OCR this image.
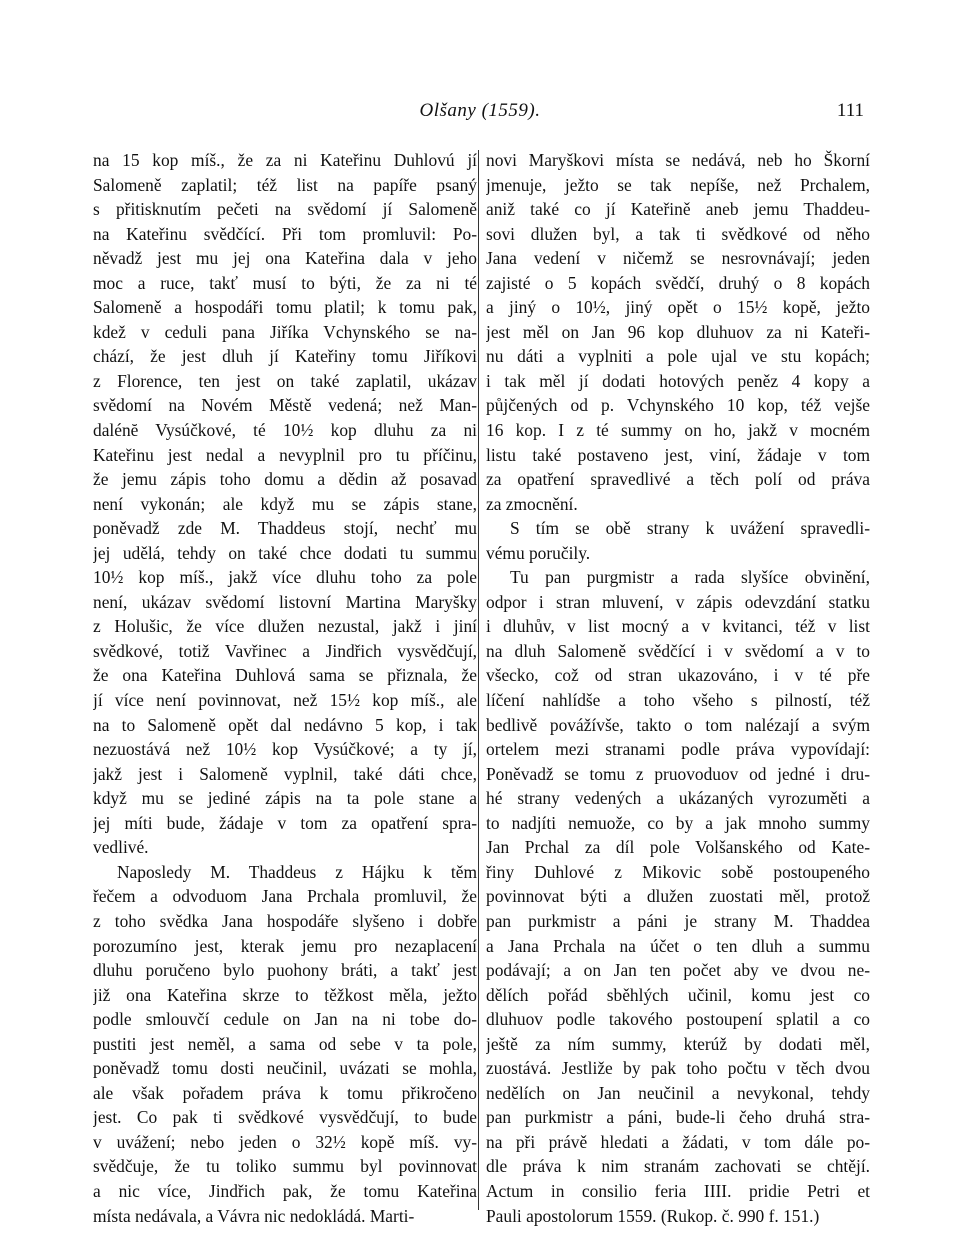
Olšany (1559).	111
na 15 kop míš., že za ni Kateřinu Duhlovú jí
Salomeně zaplatil; též list na papíře psaný
s přitisknutím pečeti na svědomí jí Salomeně
na Kateřinu svědčící. Při tom promluvil: Po-
něvadž jest mu jej ona Kateřina dala v jeho
moc a ruce, takť musí to býti, že za ni té
Salomeně a hospodáři tomu platil; k tomu pak,
kdež v ceduli pana Jiříka Vchynského se na-
chází, že jest dluh jí Kateřiny tomu Jiříkovi
z Florence, ten jest on také zaplatil, ukázav
svědomí na Novém Městě vedená; než Man-
dalénĕ Vysúčkové, té 10½ kop dluhu za ni
Kateřinu jest nedal a nevyplnil pro tu příčinu,
že jemu zápis toho domu a dědin až posavad
není vykonán; ale když mu se zápis stane,
poněvadž zde M. Thaddeus stojí, nechť mu
jej udělá, tehdy on také chce dodati tu summu
10½ kop míš., jakž více dluhu toho za pole
není, ukázav svědomí listovní Martina Maryšky
z Holušic, že více dlužen nezustal, jakž i jiní
svědkové, totiž Vavřinec a Jindřich vysvědčují,
že ona Kateřina Duhlová sama se přiznala, že
jí více není povinnovat, než 15½ kop míš., ale
na to Salomeně opět dal nedávno 5 kop, i tak
nezuostává než 10½ kop Vysúčkové; a ty jí,
jakž jest i Salomeně vyplnil, také dáti chce,
když mu se jediné zápis na ta pole stane a
jej míti bude, žádaje v tom za opatření spra-
vedlivé.
Naposledy M. Thaddeus z Hájku k těm
řečem a odvoduom Jana Prchala promluvil, že
z toho svědka Jana hospodáře slyšeno i dobře
porozumíno jest, kterak jemu pro nezaplacení
dluhu poručeno bylo puohony bráti, a takť jest
již ona Kateřina skrze to těžkost měla, ježto
podle smlouvčí cedule on Jan na ni tobe do-
pustiti jest neměl, a sama od sebe v ta pole,
poněvadž tomu dosti neučinil, uvázati se mohla,
ale však pořadem práva k tomu přikročeno
jest. Co pak ti svědkové vysvědčují, to bude
v uvážení; nebo jeden o 32½ kopě míš. vy-
svědčuje, že tu toliko summu byl povinnovat
a nic více, Jindřich pak, že tomu Kateřina
místa nedávala, a Vávra nic nedokládá. Marti-
novi Maryškovi místa se nedává, neb ho Škorní
jmenuje, ježto se tak nepíše, než Prchalem,
aniž také co jí Kateřině aneb jemu Thaddeu-
sovi dlužen byl, a tak ti svědkové od něho
Jana vedení v ničemž se nesrovnávají; jeden
zajisté o 5 kopách svědčí, druhý o 8 kopách
a jiný o 10½, jiný opět o 15½ kopě, ježto
jest měl on Jan 96 kop dluhuov za ni Kateři-
nu dáti a vyplniti a pole ujal ve stu kopách;
i tak měl jí dodati hotových peněz 4 kopy a
půjčených od p. Vchynského 10 kop, též vejše
16 kop. I z té summy on ho, jakž v mocném
listu také postaveno jest, viní, žádaje v tom
za opatření spravedlivé a těch polí od práva
za zmocnění.
S tím se obě strany k uvážení spravedli-
vému poručily.
Tu pan purgmistr a rada slyšíce obvinění,
odpor i stran mluvení, v zápis odevzdání statku
i dluhův, v list mocný a v kvitanci, též v list
na dluh Salomeně svědčící i v svědomí a v to
všecko, což od stran ukazováno, i v té pře
líčení nahlídše a toho všeho s pilností, též
bedlivě povážívše, takto o tom nalézají a svým
ortelem mezi stranami podle práva vypovídají:
Poněvadž se tomu z pruovoduov od jedné i dru-
hé strany vedených a ukázaných vyrozuměti a
to nadjíti nemuože, co by a jak mnoho summy
Jan Prchal za díl pole Volšanského od Kate-
řiny Duhlové z Mikovic sobě postoupeného
povinnovat býti a dlužen zuostati měl, protož
pan purkmistr a páni je strany M. Thaddea
a Jana Prchala na účet o ten dluh a summu
podávají; a on Jan ten počet aby ve dvou ne-
dělích pořád sběhlých učinil, komu jest co
dluhuov podle takového postoupení splatil a co
ještě za ním summy, kterúž by dodati měl,
zuostává. Jestliže by pak toho počtu v těch dvou
nedělích on Jan neučinil a nevykonal, tehdy
pan purkmistr a páni, bude-li čeho druhá stra-
na při právě hledati a žádati, v tom dále po-
dle práva k nim stranám zachovati se chtějí.
Actum in consilio feria IIII. pridie Petri et
Pauli apostolorum 1559. (Rukop. č. 990 f. 151.)
